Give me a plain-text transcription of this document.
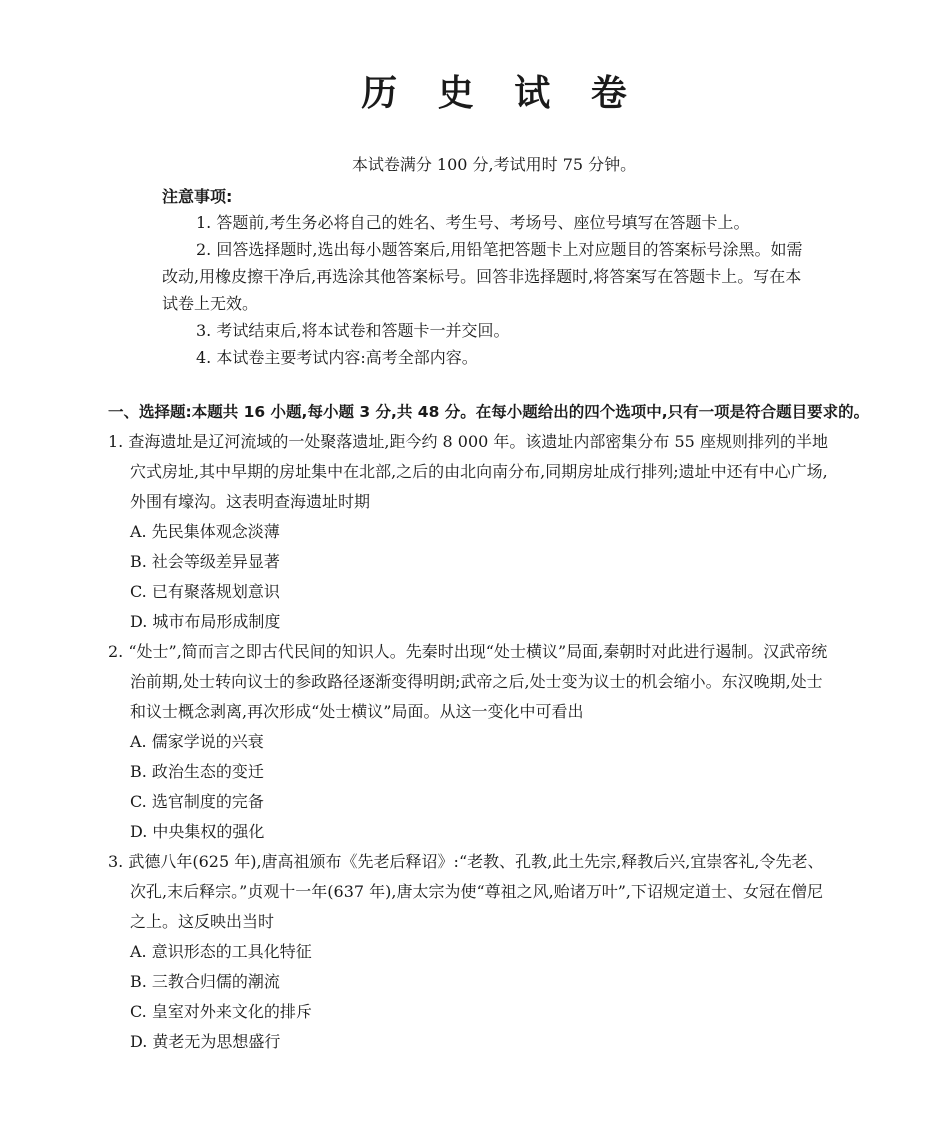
历 史 试 卷
本试卷满分 100 分,考试用时 75 分钟。
注意事项:

1. 答题前,考生务必将自己的姓名、考生号、考场号、座位号填写在答题卡上。

2. 回答选择题时,选出每小题答案后,用铅笔把答题卡上对应题目的答案标号涂黑。如需改动,用橡皮擦干净后,再选涂其他答案标号。回答非选择题时,将答案写在答题卡上。写在本试卷上无效。

3. 考试结束后,将本试卷和答题卡一并交回。

4. 本试卷主要考试内容:高考全部内容。

一、选择题:本题共 16 小题,每小题 3 分,共 48 分。在每小题给出的四个选项中,只有一项是符合题目要求的。
1. 查海遗址是辽河流域的一处聚落遗址,距今约 8 000 年。该遗址内部密集分布 55 座规则排列的半地穴式房址,其中早期的房址集中在北部,之后的由北向南分布,同期房址成行排列;遗址中还有中心广场,外围有壕沟。这表明查海遗址时期
A. 先民集体观念淡薄
B. 社会等级差异显著
C. 已有聚落规划意识
D. 城市布局形成制度
2. “处士”,简而言之即古代民间的知识人。先秦时出现“处士横议”局面,秦朝时对此进行遏制。汉武帝统治前期,处士转向议士的参政路径逐渐变得明朗;武帝之后,处士变为议士的机会缩小。东汉晚期,处士和议士概念剥离,再次形成“处士横议”局面。从这一变化中可看出
A. 儒家学说的兴衰
B. 政治生态的变迁
C. 选官制度的完备
D. 中央集权的强化
3. 武德八年(625 年),唐高祖颁布《先老后释诏》:“老教、孔教,此土先宗,释教后兴,宜崇客礼,令先老、次孔,末后释宗。”贞观十一年(637 年),唐太宗为使“尊祖之风,贻诸万叶”,下诏规定道士、女冠在僧尼之上。这反映出当时
A. 意识形态的工具化特征
B. 三教合归儒的潮流
C. 皇室对外来文化的排斥
D. 黄老无为思想盛行
